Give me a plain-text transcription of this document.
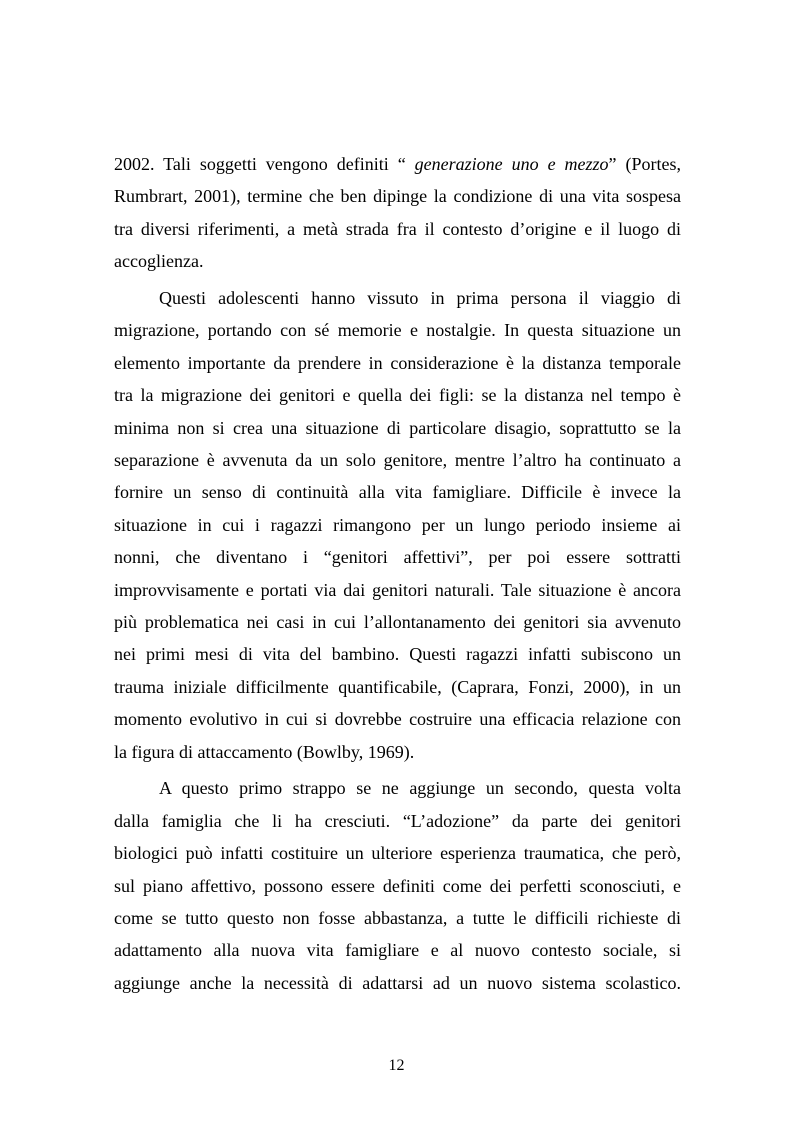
2002. Tali soggetti vengono definiti “ generazione uno e mezzo” (Portes,
Rumbrart, 2001), termine che ben dipinge la condizione di una vita sospesa
tra diversi riferimenti, a metà strada fra il contesto d’origine e il luogo di
accoglienza.

Questi adolescenti hanno vissuto in prima persona il viaggio di
migrazione, portando con sé memorie e nostalgie. In questa situazione un
elemento importante da prendere in considerazione è la distanza temporale
tra la migrazione dei genitori e quella dei figli: se la distanza nel tempo è
minima non si crea una situazione di particolare disagio, soprattutto se la
separazione è avvenuta da un solo genitore, mentre l’altro ha continuato a
fornire un senso di continuità alla vita famigliare. Difficile è invece la
situazione in cui i ragazzi rimangono per un lungo periodo insieme ai
nonni, che diventano i “genitori affettivi”, per poi essere sottratti
improvvisamente e portati via dai genitori naturali. Tale situazione è ancora
più problematica nei casi in cui l’allontanamento dei genitori sia avvenuto
nei primi mesi di vita del bambino. Questi ragazzi infatti subiscono un
trauma iniziale difficilmente quantificabile, (Caprara, Fonzi, 2000), in un
momento evolutivo in cui si dovrebbe costruire una efficacia relazione con
la figura di attaccamento (Bowlby, 1969).

A questo primo strappo se ne aggiunge un secondo, questa volta
dalla famiglia che li ha cresciuti. “L’adozione” da parte dei genitori
biologici può infatti costituire un ulteriore esperienza traumatica, che però,
sul piano affettivo, possono essere definiti come dei perfetti sconosciuti, e
come se tutto questo non fosse abbastanza, a tutte le difficili richieste di
adattamento alla nuova vita famigliare e al nuovo contesto sociale, si
aggiunge anche la necessità di adattarsi ad un nuovo sistema scolastico.

12
